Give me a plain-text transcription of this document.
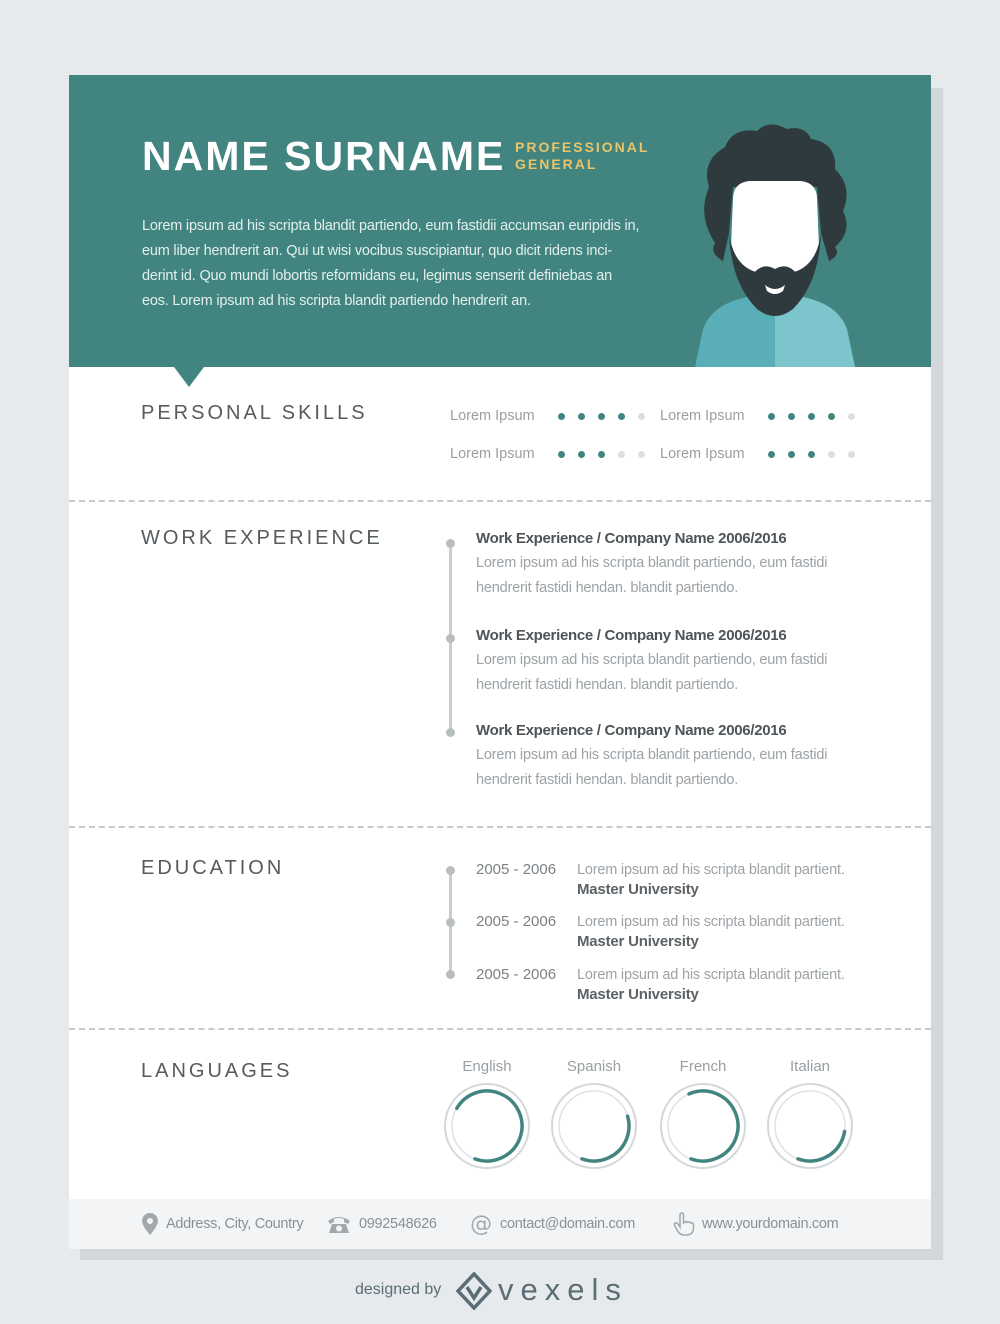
NAME SURNAME PROFESSIONAL
GENERAL

Lorem ipsum ad his scripta blandit partiendo, eum fastidii accumsan euripidis in, eum liber hendrerit an. Qui ut wisi vocibus suscipiantur, quo dicit ridens inci-derint id. Quo mundi lobortis reformidans eu, legimus senserit definiebas an eos. Lorem ipsum ad his scripta blandit partiendo hendrerit an.

PERSONAL SKILLS	Lorem Ipsum	Lorem Ipsum
Lorem Ipsum	Lorem Ipsum
WORK EXPERIENCE	Work Experience / Company Name 2006/2016
Lorem ipsum ad his scripta blandit partiendo, eum fastidi hendrerit fastidi hendan. blandit partiendo.
Work Experience / Company Name 2006/2016
Lorem ipsum ad his scripta blandit partiendo, eum fastidi hendrerit fastidi hendan. blandit partiendo.
Work Experience / Company Name 2006/2016
Lorem ipsum ad his scripta blandit partiendo, eum fastidi hendrerit fastidi hendan. blandit partiendo.
EDUCATION	2005 - 2006 Lorem ipsum ad his scripta blandit partient.
Master University
2005 - 2006 Lorem ipsum ad his scripta blandit partient.
Master University
2005 - 2006 Lorem ipsum ad his scripta blandit partient.
Master University
LANGUAGES	English	Spanish	French	Italian
Address, City, Country	0992548626 @ contact@domain.com	www.yourdomain.com
designed by vexels
